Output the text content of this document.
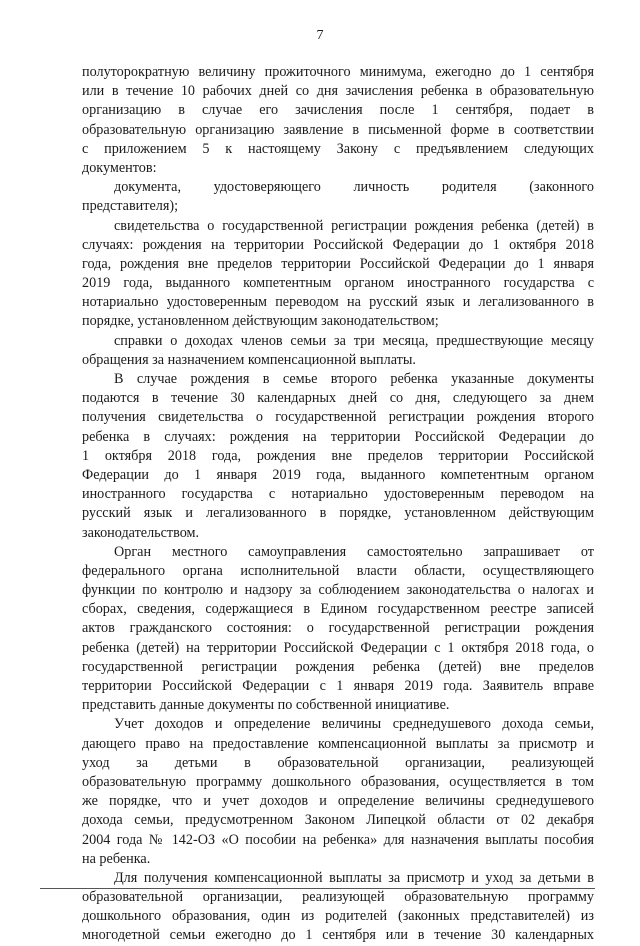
7
полуторократную величину прожиточного минимума, ежегодно до 1 сентября
или в течение 10 рабочих дней со дня зачисления ребенка в образовательную
организацию в случае его зачисления после 1 сентября, подает в
образовательную организацию заявление в письменной форме в соответствии
с приложением 5 к настоящему Закону с предъявлением следующих
документов:
документа, удостоверяющего личность родителя (законного
представителя);
свидетельства о государственной регистрации рождения ребенка (детей) в
случаях: рождения на территории Российской Федерации до 1 октября 2018
года, рождения вне пределов территории Российской Федерации до 1 января
2019 года, выданного компетентным органом иностранного государства с
нотариально удостоверенным переводом на русский язык и легализованного в
порядке, установленном действующим законодательством;
справки о доходах членов семьи за три месяца, предшествующие месяцу
обращения за назначением компенсационной выплаты.
В случае рождения в семье второго ребенка указанные документы
подаются в течение 30 календарных дней со дня, следующего за днем
получения свидетельства о государственной регистрации рождения второго
ребенка в случаях: рождения на территории Российской Федерации до
1 октября 2018 года, рождения вне пределов территории Российской
Федерации до 1 января 2019 года, выданного компетентным органом
иностранного государства с нотариально удостоверенным переводом на
русский язык и легализованного в порядке, установленном действующим
законодательством.
Орган местного самоуправления самостоятельно запрашивает от
федерального органа исполнительной власти области, осуществляющего
функции по контролю и надзору за соблюдением законодательства о налогах и
сборах, сведения, содержащиеся в Едином государственном реестре записей
актов гражданского состояния: о государственной регистрации рождения
ребенка (детей) на территории Российской Федерации с 1 октября 2018 года, о
государственной регистрации рождения ребенка (детей) вне пределов
территории Российской Федерации с 1 января 2019 года. Заявитель вправе
представить данные документы по собственной инициативе.
Учет доходов и определение величины среднедушевого дохода семьи,
дающего право на предоставление компенсационной выплаты за присмотр и
уход за детьми в образовательной организации, реализующей
образовательную программу дошкольного образования, осуществляется в том
же порядке, что и учет доходов и определение величины среднедушевого
дохода семьи, предусмотренном Законом Липецкой области от 02 декабря
2004 года № 142-ОЗ «О пособии на ребенка» для назначения выплаты пособия
на ребенка.
Для получения компенсационной выплаты за присмотр и уход за детьми в
образовательной организации, реализующей образовательную программу
дошкольного образования, один из родителей (законных представителей) из
многодетной семьи ежегодно до 1 сентября или в течение 30 календарных
